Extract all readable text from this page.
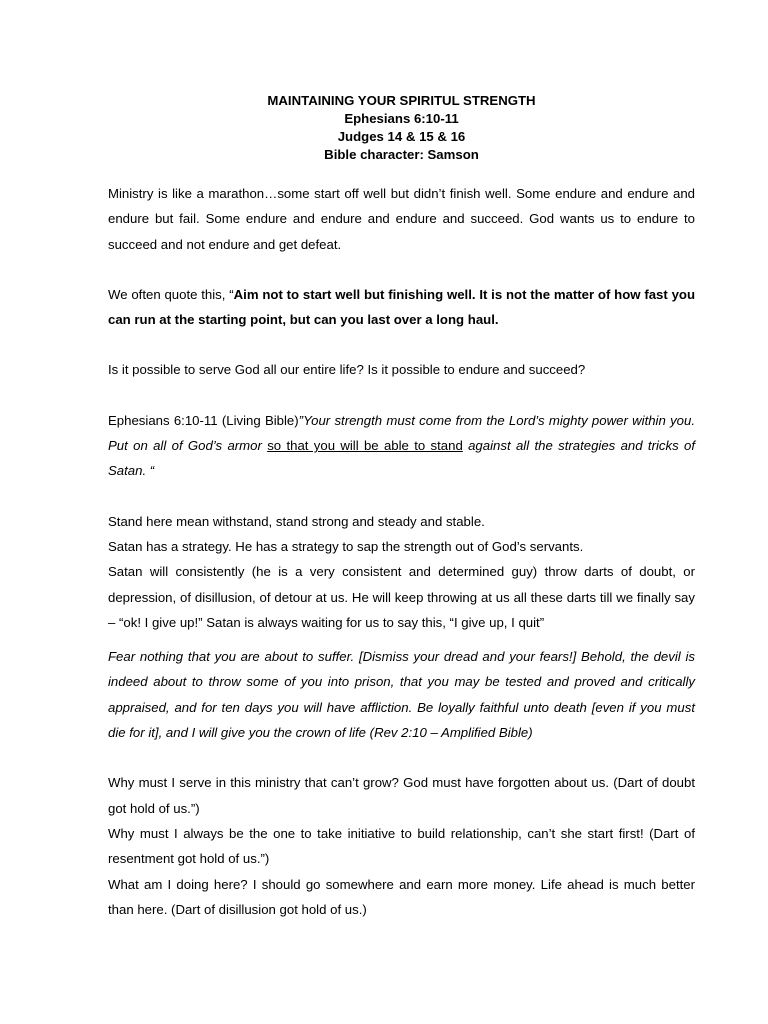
MAINTAINING YOUR SPIRITUL STRENGTH
Ephesians 6:10-11
Judges 14 & 15 & 16
Bible character: Samson

Ministry is like a marathon…some start off well but didn’t finish well. Some endure and endure and endure but fail. Some endure and endure and endure and succeed. God wants us to endure to succeed and not endure and get defeat.

We often quote this, “Aim not to start well but finishing well. It is not the matter of how fast you can run at the starting point, but can you last over a long haul.

Is it possible to serve God all our entire life? Is it possible to endure and succeed?

Ephesians 6:10-11 (Living Bible)”Your strength must come from the Lord’s mighty power within you. Put on all of God’s armor so that you will be able to stand against all the strategies and tricks of Satan. “

Stand here mean withstand, stand strong and steady and stable.

Satan has a strategy. He has a strategy to sap the strength out of God’s servants.

Satan will consistently (he is a very consistent and determined guy) throw darts of doubt, or depression, of disillusion, of detour at us. He will keep throwing at us all these darts till we finally say – “ok! I give up!” Satan is always waiting for us to say this, “I give up, I quit”

Fear nothing that you are about to suffer. [Dismiss your dread and your fears!] Behold, the devil is indeed about to throw some of you into prison, that you may be tested and proved and critically appraised, and for ten days you will have affliction. Be loyally faithful unto death [even if you must die for it], and I will give you the crown of life (Rev 2:10 – Amplified Bible)

Why must I serve in this ministry that can’t grow? God must have forgotten about us. (Dart of doubt got hold of us.”)

Why must I always be the one to take initiative to build relationship, can’t she start first! (Dart of resentment got hold of us.”)

What am I doing here? I should go somewhere and earn more money. Life ahead is much better than here. (Dart of disillusion got hold of us.)
